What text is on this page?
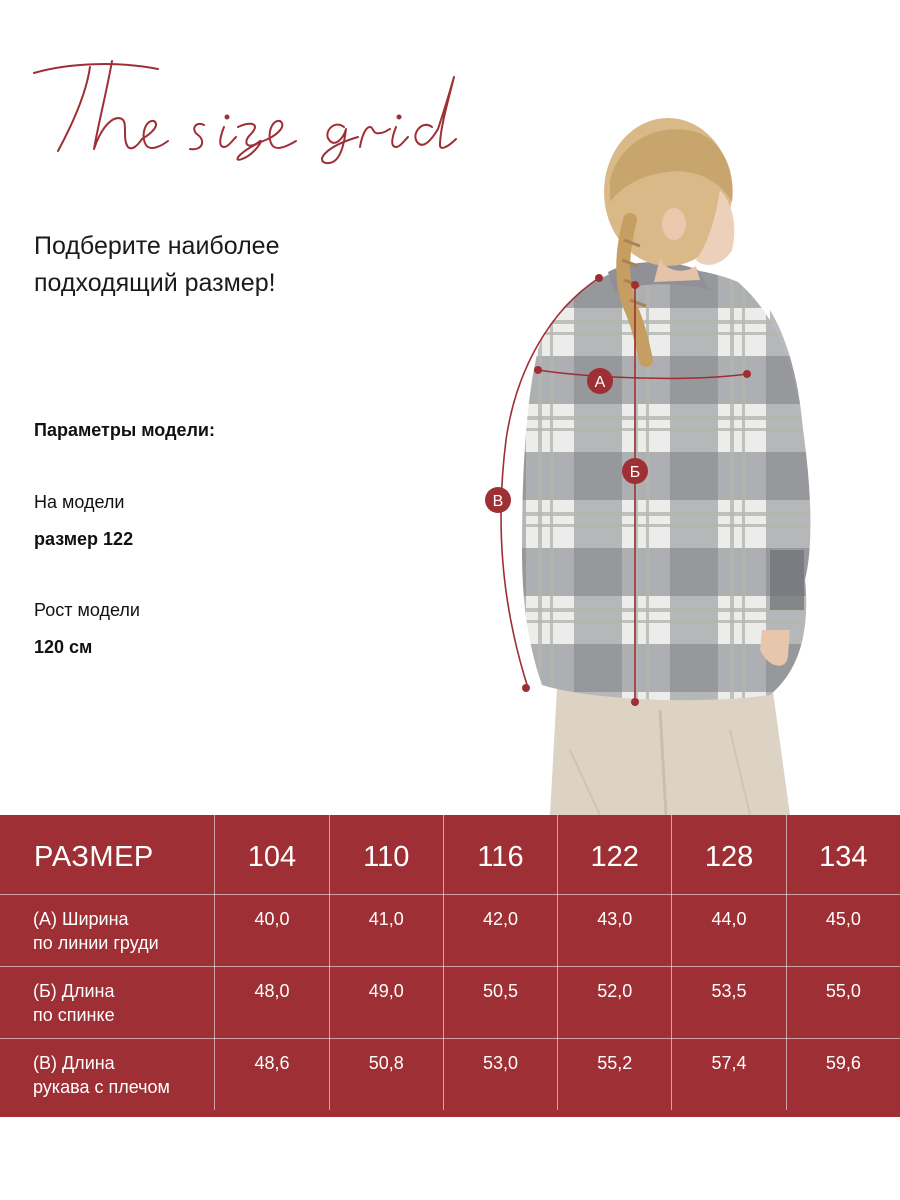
Подберите наиболее
подходящий размер!
Параметры модели:
На модели
размер 122
Рост модели
120 см
А
Б
В
РАЗМЕР	104	110	116	122	128	134

(А) Ширина
по линии груди	40,0	41,0	42,0	43,0	44,0	45,0

(Б) Длина
по спинке	48,0	49,0	50,5	52,0	53,5	55,0

(В) Длина
рукава с плечом	48,6	50,8	53,0	55,2	57,4	59,6
